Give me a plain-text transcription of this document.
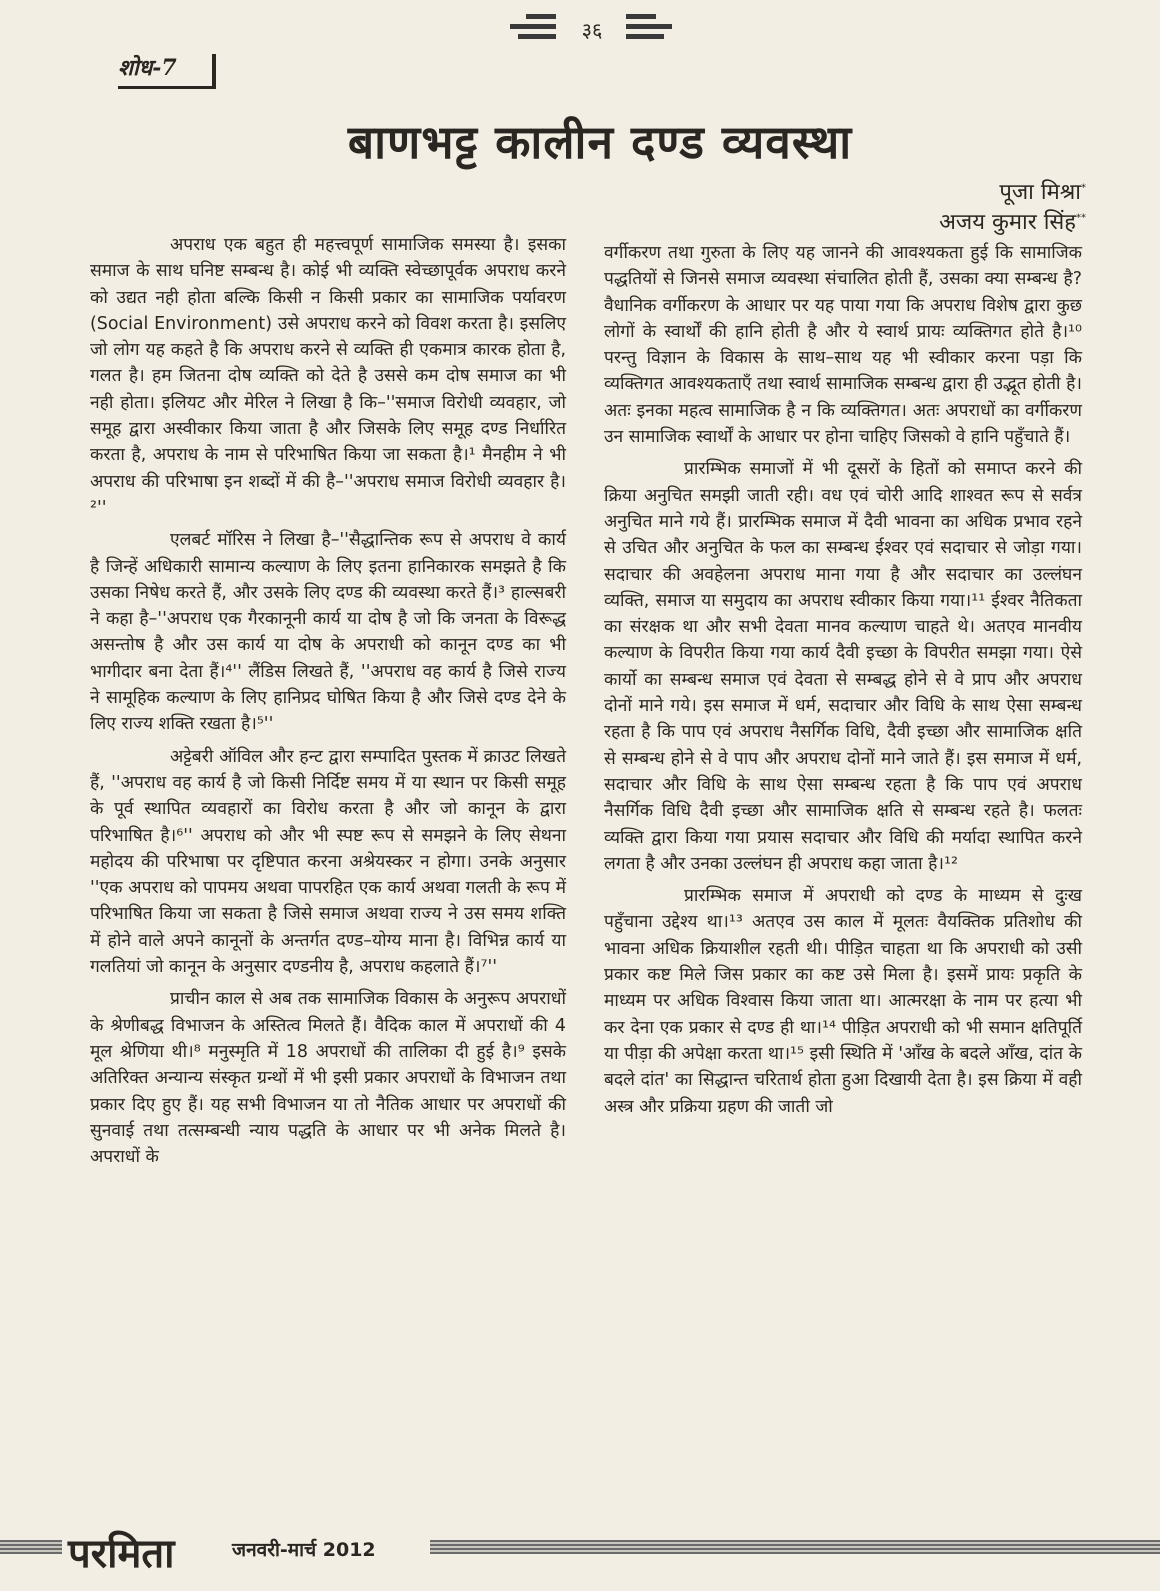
३६
शोध-7
बाणभट्ट कालीन दण्ड व्यवस्था
पूजा मिश्रा*
अजय कुमार सिंह**

अपराध एक बहुत ही महत्त्वपूर्ण सामाजिक समस्या है। इसका समाज के साथ घनिष्ट सम्बन्ध है। कोई भी व्यक्ति स्वेच्छापूर्वक अपराध करने को उद्यत नही होता बल्कि किसी न किसी प्रकार का सामाजिक पर्यावरण (Social Environment) उसे अपराध करने को विवश करता है। इसलिए जो लोग यह कहते है कि अपराध करने से व्यक्ति ही एकमात्र कारक होता है, गलत है। हम जितना दोष व्यक्ति को देते है उससे कम दोष समाज का भी नही होता। इलियट और मेरिल ने लिखा है कि–''समाज विरोधी व्यवहार, जो समूह द्वारा अस्वीकार किया जाता है और जिसके लिए समूह दण्ड निर्धारित करता है, अपराध के नाम से परिभाषित किया जा सकता है।¹ मैनहीम ने भी अपराध की परिभाषा इन शब्दों में की है–''अपराध समाज विरोधी व्यवहार है।²''

एलबर्ट मॉरिस ने लिखा है–''सैद्धान्तिक रूप से अपराध वे कार्य है जिन्हें अधिकारी सामान्य कल्याण के लिए इतना हानिकारक समझते है कि उसका निषेध करते हैं, और उसके लिए दण्ड की व्यवस्था करते हैं।³ हाल्सबरी ने कहा है–''अपराध एक गैरकानूनी कार्य या दोष है जो कि जनता के विरूद्ध असन्तोष है और उस कार्य या दोष के अपराधी को कानून दण्ड का भी भागीदार बना देता हैं।⁴'' लैंडिस लिखते हैं, ''अपराध वह कार्य है जिसे राज्य ने सामूहिक कल्याण के लिए हानिप्रद घोषित किया है और जिसे दण्ड देने के लिए राज्य शक्ति रखता है।⁵''

अट्टेबरी ऑविल और हन्ट द्वारा सम्पादित पुस्तक में क्राउट लिखते हैं, ''अपराध वह कार्य है जो किसी निर्दिष्ट समय में या स्थान पर किसी समूह के पूर्व स्थापित व्यवहारों का विरोध करता है और जो कानून के द्वारा परिभाषित है।⁶'' अपराध को और भी स्पष्ट रूप से समझने के लिए सेथना महोदय की परिभाषा पर दृष्टिपात करना अश्रेयस्कर न होगा। उनके अनुसार ''एक अपराध को पापमय अथवा पापरहित एक कार्य अथवा गलती के रूप में परिभाषित किया जा सकता है जिसे समाज अथवा राज्य ने उस समय शक्ति में होने वाले अपने कानूनों के अन्तर्गत दण्ड–योग्य माना है। विभिन्न कार्य या गलतियां जो कानून के अनुसार दण्डनीय है, अपराध कहलाते हैं।⁷''

प्राचीन काल से अब तक सामाजिक विकास के अनुरूप अपराधों के श्रेणीबद्ध विभाजन के अस्तित्व मिलते हैं। वैदिक काल में अपराधों की 4 मूल श्रेणिया थी।⁸ मनुस्मृति में 18 अपराधों की तालिका दी हुई है।⁹ इसके अतिरिक्त अन्यान्य संस्कृत ग्रन्थों में भी इसी प्रकार अपराधों के विभाजन तथा प्रकार दिए हुए हैं। यह सभी विभाजन या तो नैतिक आधार पर अपराधों की सुनवाई तथा तत्सम्बन्धी न्याय पद्धति के आधार पर भी अनेक मिलते है। अपराधों के

वर्गीकरण तथा गुरुता के लिए यह जानने की आवश्यकता हुई कि सामाजिक पद्धतियों से जिनसे समाज व्यवस्था संचालित होती हैं, उसका क्या सम्बन्ध है?वैधानिक वर्गीकरण के आधार पर यह पाया गया कि अपराध विशेष द्वारा कुछ लोगों के स्वार्थों की हानि होती है और ये स्वार्थ प्रायः व्यक्तिगत होते है।¹⁰ परन्तु विज्ञान के विकास के साथ–साथ यह भी स्वीकार करना पड़ा कि व्यक्तिगत आवश्यकताएँ तथा स्वार्थ सामाजिक सम्बन्ध द्वारा ही उद्भूत होती है। अतः इनका महत्व सामाजिक है न कि व्यक्तिगत। अतः अपराधों का वर्गीकरण उन सामाजिक स्वार्थों के आधार पर होना चाहिए जिसको वे हानि पहुँचाते हैं।

प्रारम्भिक समाजों में भी दूसरों के हितों को समाप्त करने की क्रिया अनुचित समझी जाती रही। वध एवं चोरी आदि शाश्वत रूप से सर्वत्र अनुचित माने गये हैं। प्रारम्भिक समाज में दैवी भावना का अधिक प्रभाव रहने से उचित और अनुचित के फल का सम्बन्ध ईश्वर एवं सदाचार से जोड़ा गया। सदाचार की अवहेलना अपराध माना गया है और सदाचार का उल्लंघन व्यक्ति, समाज या समुदाय का अपराध स्वीकार किया गया।¹¹ ईश्वर नैतिकता का संरक्षक था और सभी देवता मानव कल्याण चाहते थे। अतएव मानवीय कल्याण के विपरीत किया गया कार्य दैवी इच्छा के विपरीत समझा गया। ऐसे कार्यो का सम्बन्ध समाज एवं देवता से सम्बद्ध होने से वे प्राप और अपराध दोनों माने गये। इस समाज में धर्म, सदाचार और विधि के साथ ऐसा सम्बन्ध रहता है कि पाप एवं अपराध नैसर्गिक विधि, दैवी इच्छा और सामाजिक क्षति से सम्बन्ध होने से वे पाप और अपराध दोनों माने जाते हैं। इस समाज में धर्म, सदाचार और विधि के साथ ऐसा सम्बन्ध रहता है कि पाप एवं अपराध नैसर्गिक विधि दैवी इच्छा और सामाजिक क्षति से सम्बन्ध रहते है। फलतः व्यक्ति द्वारा किया गया प्रयास सदाचार और विधि की मर्यादा स्थापित करने लगता है और उनका उल्लंघन ही अपराध कहा जाता है।¹²

प्रारम्भिक समाज में अपराधी को दण्ड के माध्यम से दुःख पहुँचाना उद्देश्य था।¹³ अतएव उस काल में मूलतः वैयक्तिक प्रतिशोध की भावना अधिक क्रियाशील रहती थी। पीड़ित चाहता था कि अपराधी को उसी प्रकार कष्ट मिले जिस प्रकार का कष्ट उसे मिला है। इसमें प्रायः प्रकृति के माध्यम पर अधिक विश्वास किया जाता था। आत्मरक्षा के नाम पर हत्या भी कर देना एक प्रकार से दण्ड ही था।¹⁴ पीड़ित अपराधी को भी समान क्षतिपूर्ति या पीड़ा की अपेक्षा करता था।¹⁵ इसी स्थिति में 'आँख के बदले आँख, दांत के बदले दांत' का सिद्धान्त चरितार्थ होता हुआ दिखायी देता है। इस क्रिया में वही अस्त्र और प्रक्रिया ग्रहण की जाती जो

परमिता	जनवरी-मार्च 2012
